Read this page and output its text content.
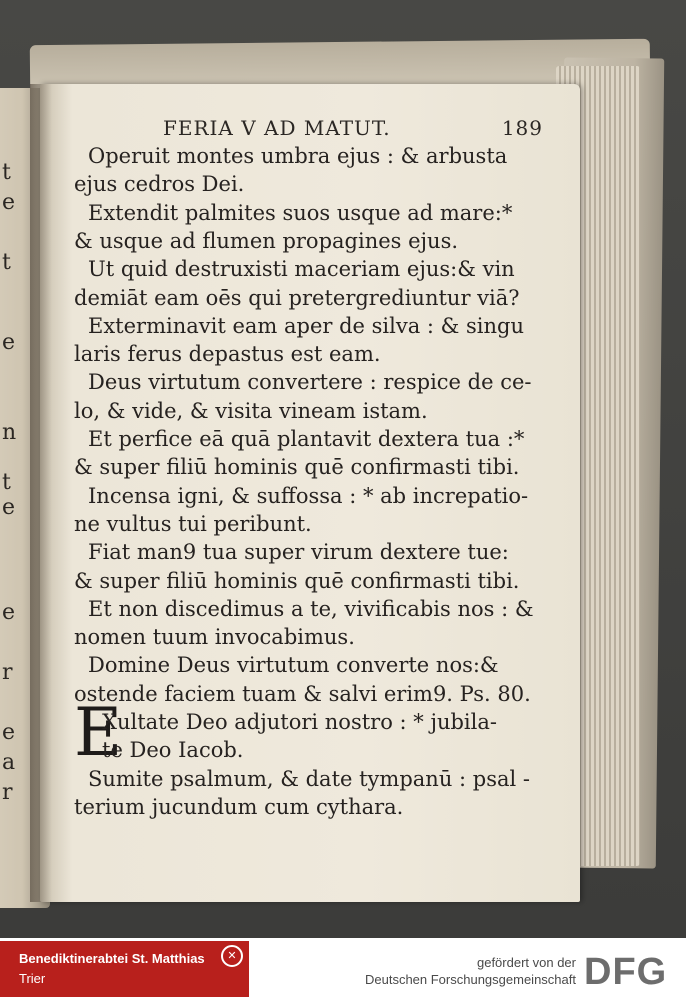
t
e
t
e
n
t
e
e
r
e
a
r
FERIA V AD MATUT.	189
E
Operuit montes umbra ejus : & arbusta
ejus cedros Dei.
Extendit palmites suos usque ad mare:*
& usque ad flumen propagines ejus.
Ut quid destruxisti maceriam ejus:& vin
demiāt eam oēs qui pretergrediuntur viā?
Exterminavit eam aper de silva : & singu
laris ferus depastus est eam.
Deus virtutum convertere : respice de ce-
lo, & vide, & visita vineam istam.
Et perfice eā quā plantavit dextera tua :*
& super filiū hominis quē confirmasti tibi.
Incensa igni, & suffossa : * ab increpatio-
ne vultus tui peribunt.
Fiat man9 tua super virum dextere tue:
& super filiū hominis quē confirmasti tibi.
Et non discedimus a te, vivificabis nos : &
nomen tuum invocabimus.
Domine Deus virtutum converte nos:&
ostende faciem tuam & salvi erim9. Ps. 80.
Xultate Deo adjutori nostro : * jubila-
te Deo Iacob.
Sumite psalmum, & date tympanū : psal -
terium jucundum cum cythara.
Benediktinerabtei St. Matthias
Trier
✕	gefördert von der
Deutschen Forschungsgemeinschaft DFG
